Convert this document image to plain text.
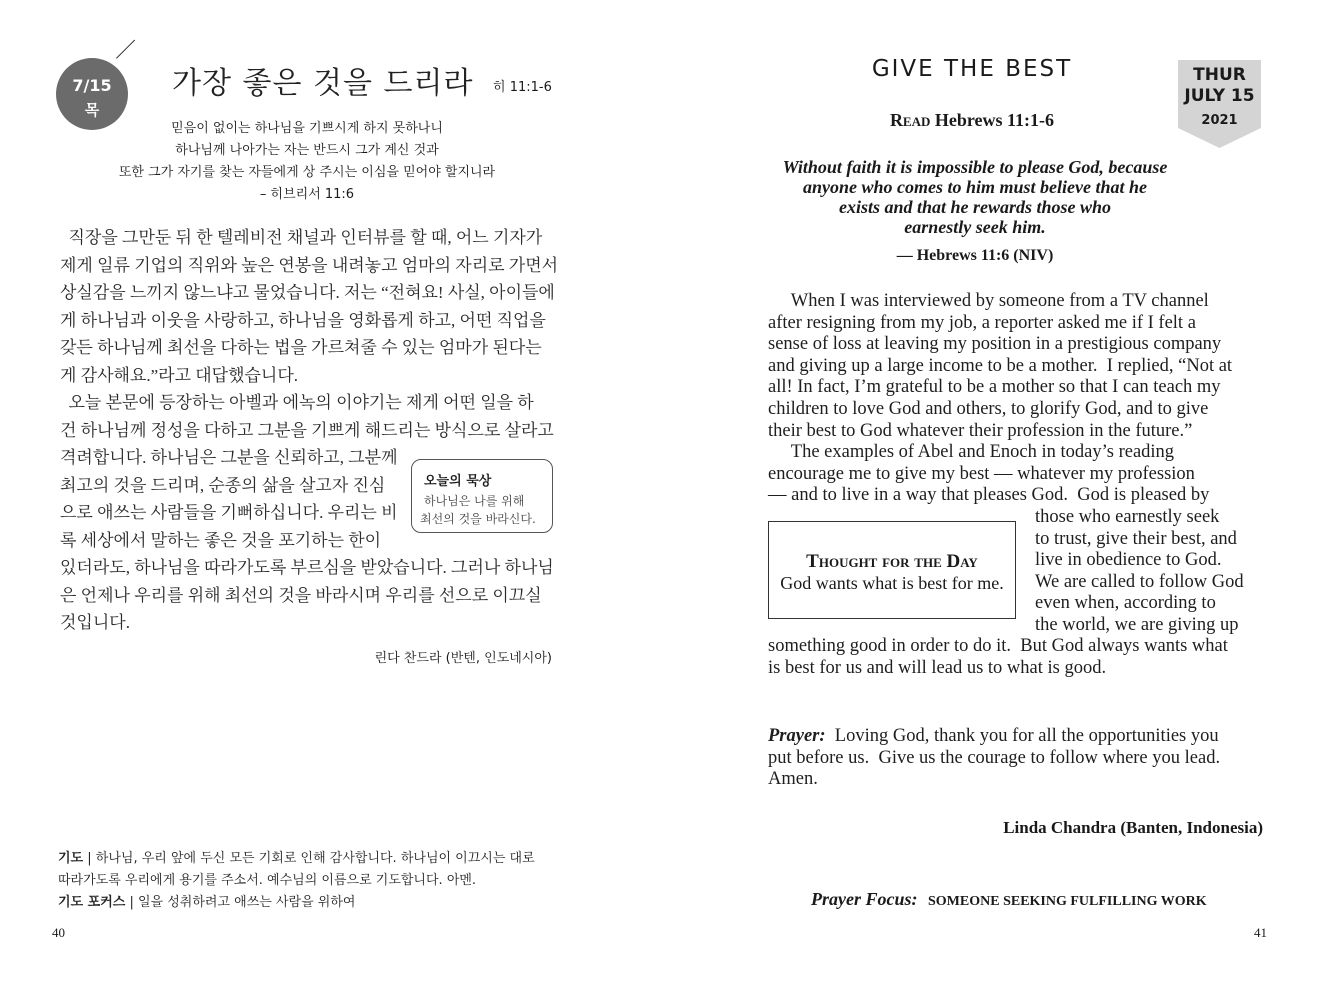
7/15
목
가장 좋은 것을 드리라 히 11:1-6
믿음이 없이는 하나님을 기쁘시게 하지 못하나니
하나님께 나아가는 자는 반드시 그가 계신 것과
또한 그가 자기를 찾는 자들에게 상 주시는 이심을 믿어야 할지니라
– 히브리서 11:6
직장을 그만둔 뒤 한 텔레비전 채널과 인터뷰를 할 때, 어느 기자가
제게 일류 기업의 직위와 높은 연봉을 내려놓고 엄마의 자리로 가면서
상실감을 느끼지 않느냐고 물었습니다. 저는 “전혀요! 사실, 아이들에
게 하나님과 이웃을 사랑하고, 하나님을 영화롭게 하고, 어떤 직업을
갖든 하나님께 최선을 다하는 법을 가르쳐줄 수 있는 엄마가 된다는
게 감사해요.”라고 대답했습니다.
오늘 본문에 등장하는 아벨과 에녹의 이야기는 제게 어떤 일을 하
건 하나님께 정성을 다하고 그분을 기쁘게 해드리는 방식으로 살라고
격려합니다. 하나님은 그분을 신뢰하고, 그분께
최고의 것을 드리며, 순종의 삶을 살고자 진심
으로 애쓰는 사람들을 기뻐하십니다. 우리는 비
록 세상에서 말하는 좋은 것을 포기하는 한이
있더라도, 하나님을 따라가도록 부르심을 받았습니다. 그러나 하나님
은 언제나 우리를 위해 최선의 것을 바라시며 우리를 선으로 이끄실
것입니다.
오늘의 묵상
하나님은 나를 위해
최선의 것을 바라신다.
린다 찬드라 (반텐, 인도네시아)
기도 | 하나님, 우리 앞에 두신 모든 기회로 인해 감사합니다. 하나님이 이끄시는 대로
따라가도록 우리에게 용기를 주소서. 예수님의 이름으로 기도합니다. 아멘.
기도 포커스 | 일을 성취하려고 애쓰는 사람을 위하여
40
GIVE THE BEST
Read Hebrews 11:1-6
THUR
JULY 15
2021
Without faith it is impossible to please God, because
anyone who comes to him must believe that he
exists and that he rewards those who
earnestly seek him.
— Hebrews 11:6 (NIV)
When I was interviewed by someone from a TV channel
after resigning from my job, a reporter asked me if I felt a
sense of loss at leaving my position in a prestigious company
and giving up a large income to be a mother.  I replied, “Not at
all! In fact, I’m grateful to be a mother so that I can teach my
children to love God and others, to glorify God, and to give
their best to God whatever their profession in the future.”
The examples of Abel and Enoch in today’s reading
encourage me to give my best — whatever my profession
— and to live in a way that pleases God.  God is pleased by
those who earnestly seek
to trust, give their best, and
live in obedience to God.
We are called to follow God
even when, according to
the world, we are giving up
something good in order to do it.  But God always wants what
is best for us and will lead us to what is good.
Thought for the Day
God wants what is best for me.
Prayer: Loving God, thank you for all the opportunities you
put before us.  Give us the courage to follow where you lead.
Amen.
Linda Chandra (Banten, Indonesia)
Prayer Focus: SOMEONE SEEKING FULFILLING WORK
41
